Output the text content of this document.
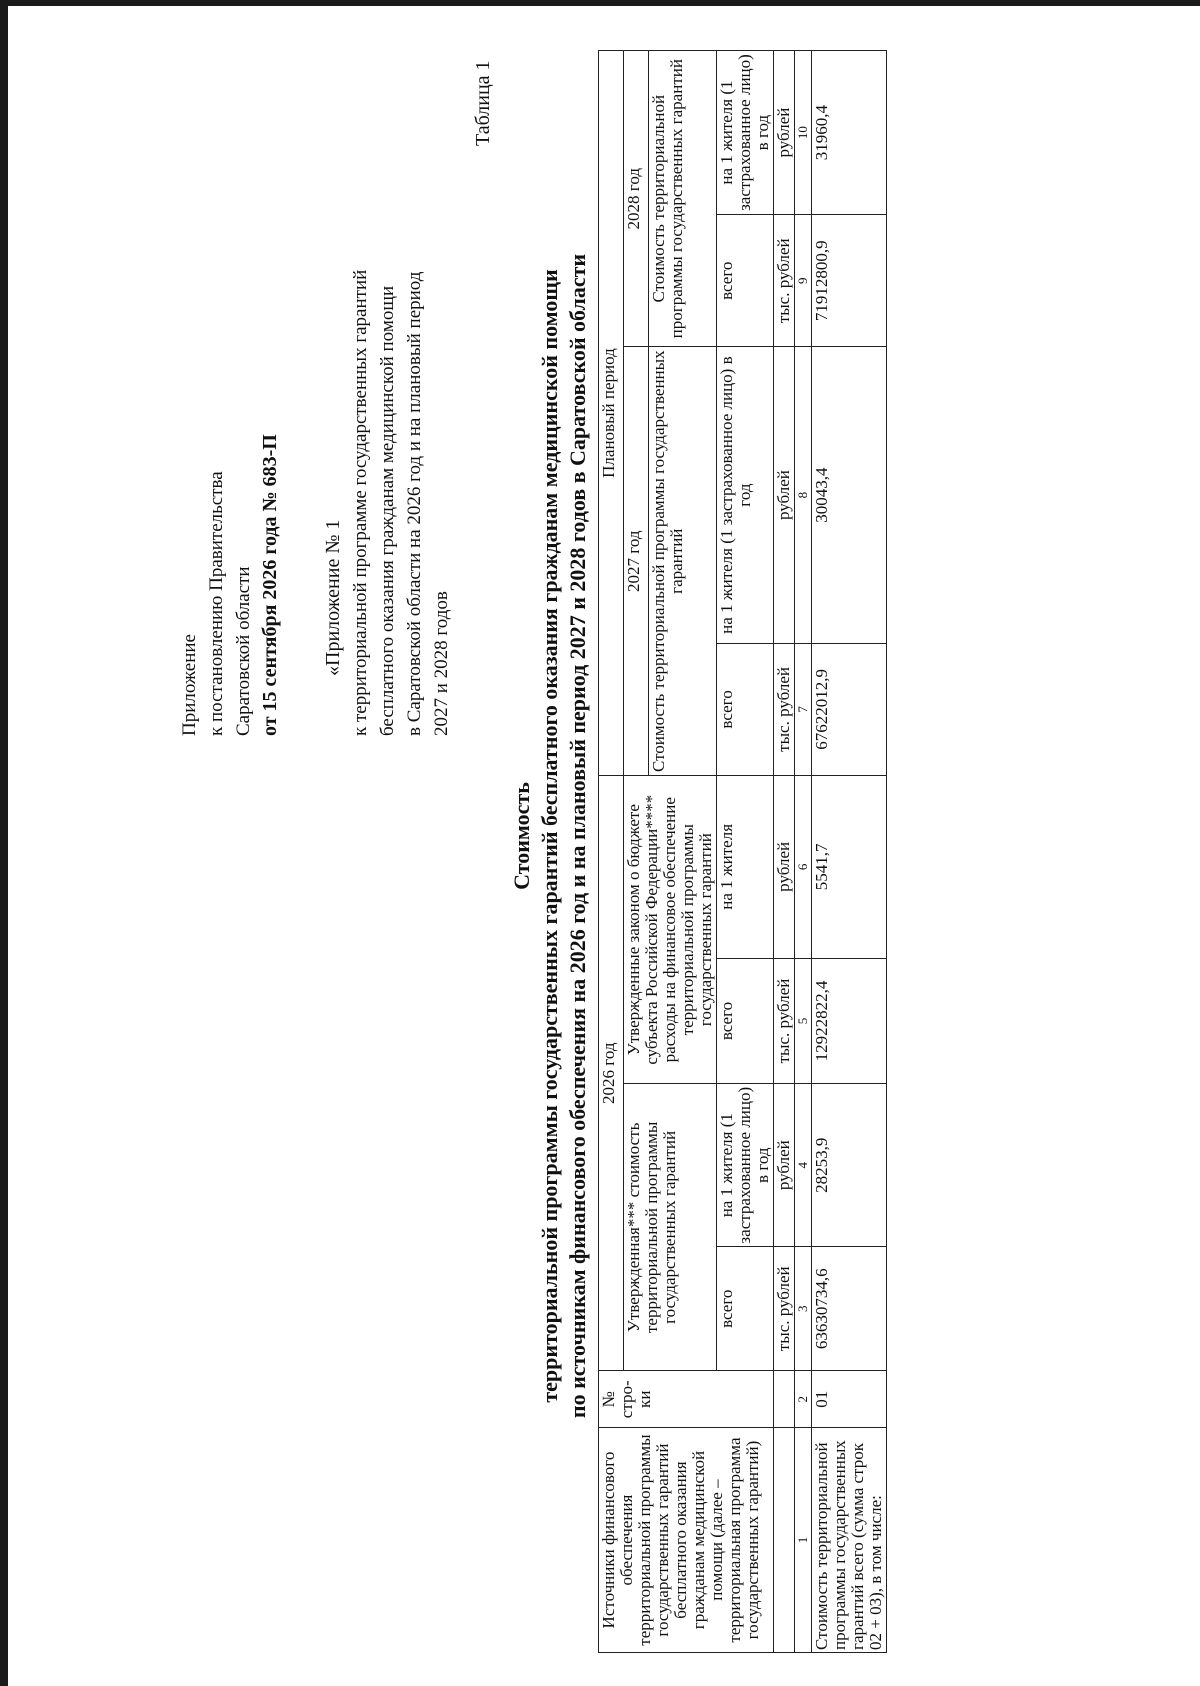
Приложение к постановлению Правительства Саратовской области от 15 сентября 2026 года № 683-П «Приложение № 1 к территориальной программе государственных гарантий бесплатного оказания гражданам медицинской помощи в Саратовской области на 2026 год и на плановый период 2027 и 2028 годов
Таблица 1
Стоимость территориальной программы государственных гарантий бесплатного оказания гражданам медицинской помощи по источникам финансового обеспечения на 2026 год и на плановый период 2027 и 2028 годов в Саратовской области
Источники финансового обеспечения территориальной программы государственных гарантий бесплатного оказания гражданам медицинской помощи (далее – территориальная программа государственных гарантий)	№ стро-ки	2026 год				Плановый период			
		Утвержденная*** стоимость территориальной программы государственных гарантий		Утвержденные законом о бюджете субъекта Российской Федерации**** расходы на финансовое обеспечение территориальной программы государственных гарантий		2027 год		2028 год	
						Стоимость территориальной программы государственных гарантий		Стоимость территориальной программы государственных гарантий	
		всего	на 1 жителя (1 застрахованное лицо) в год	всего	на 1 жителя	всего	на 1 жителя (1 застрахованное лицо) в год	всего	на 1 жителя (1 застрахованное лицо) в год
		тыс. рублей	рублей	тыс. рублей	рублей	тыс. рублей	рублей	тыс. рублей	рублей
1	2	3	4	5	6	7	8	9	10
Стоимость территориальной программы государственных гарантий всего (сумма строк 02 + 03), в том числе:	01	63630734,6	28253,9	12922822,4	5541,7	67622012,9	30043,4	71912800,9	31960,4
